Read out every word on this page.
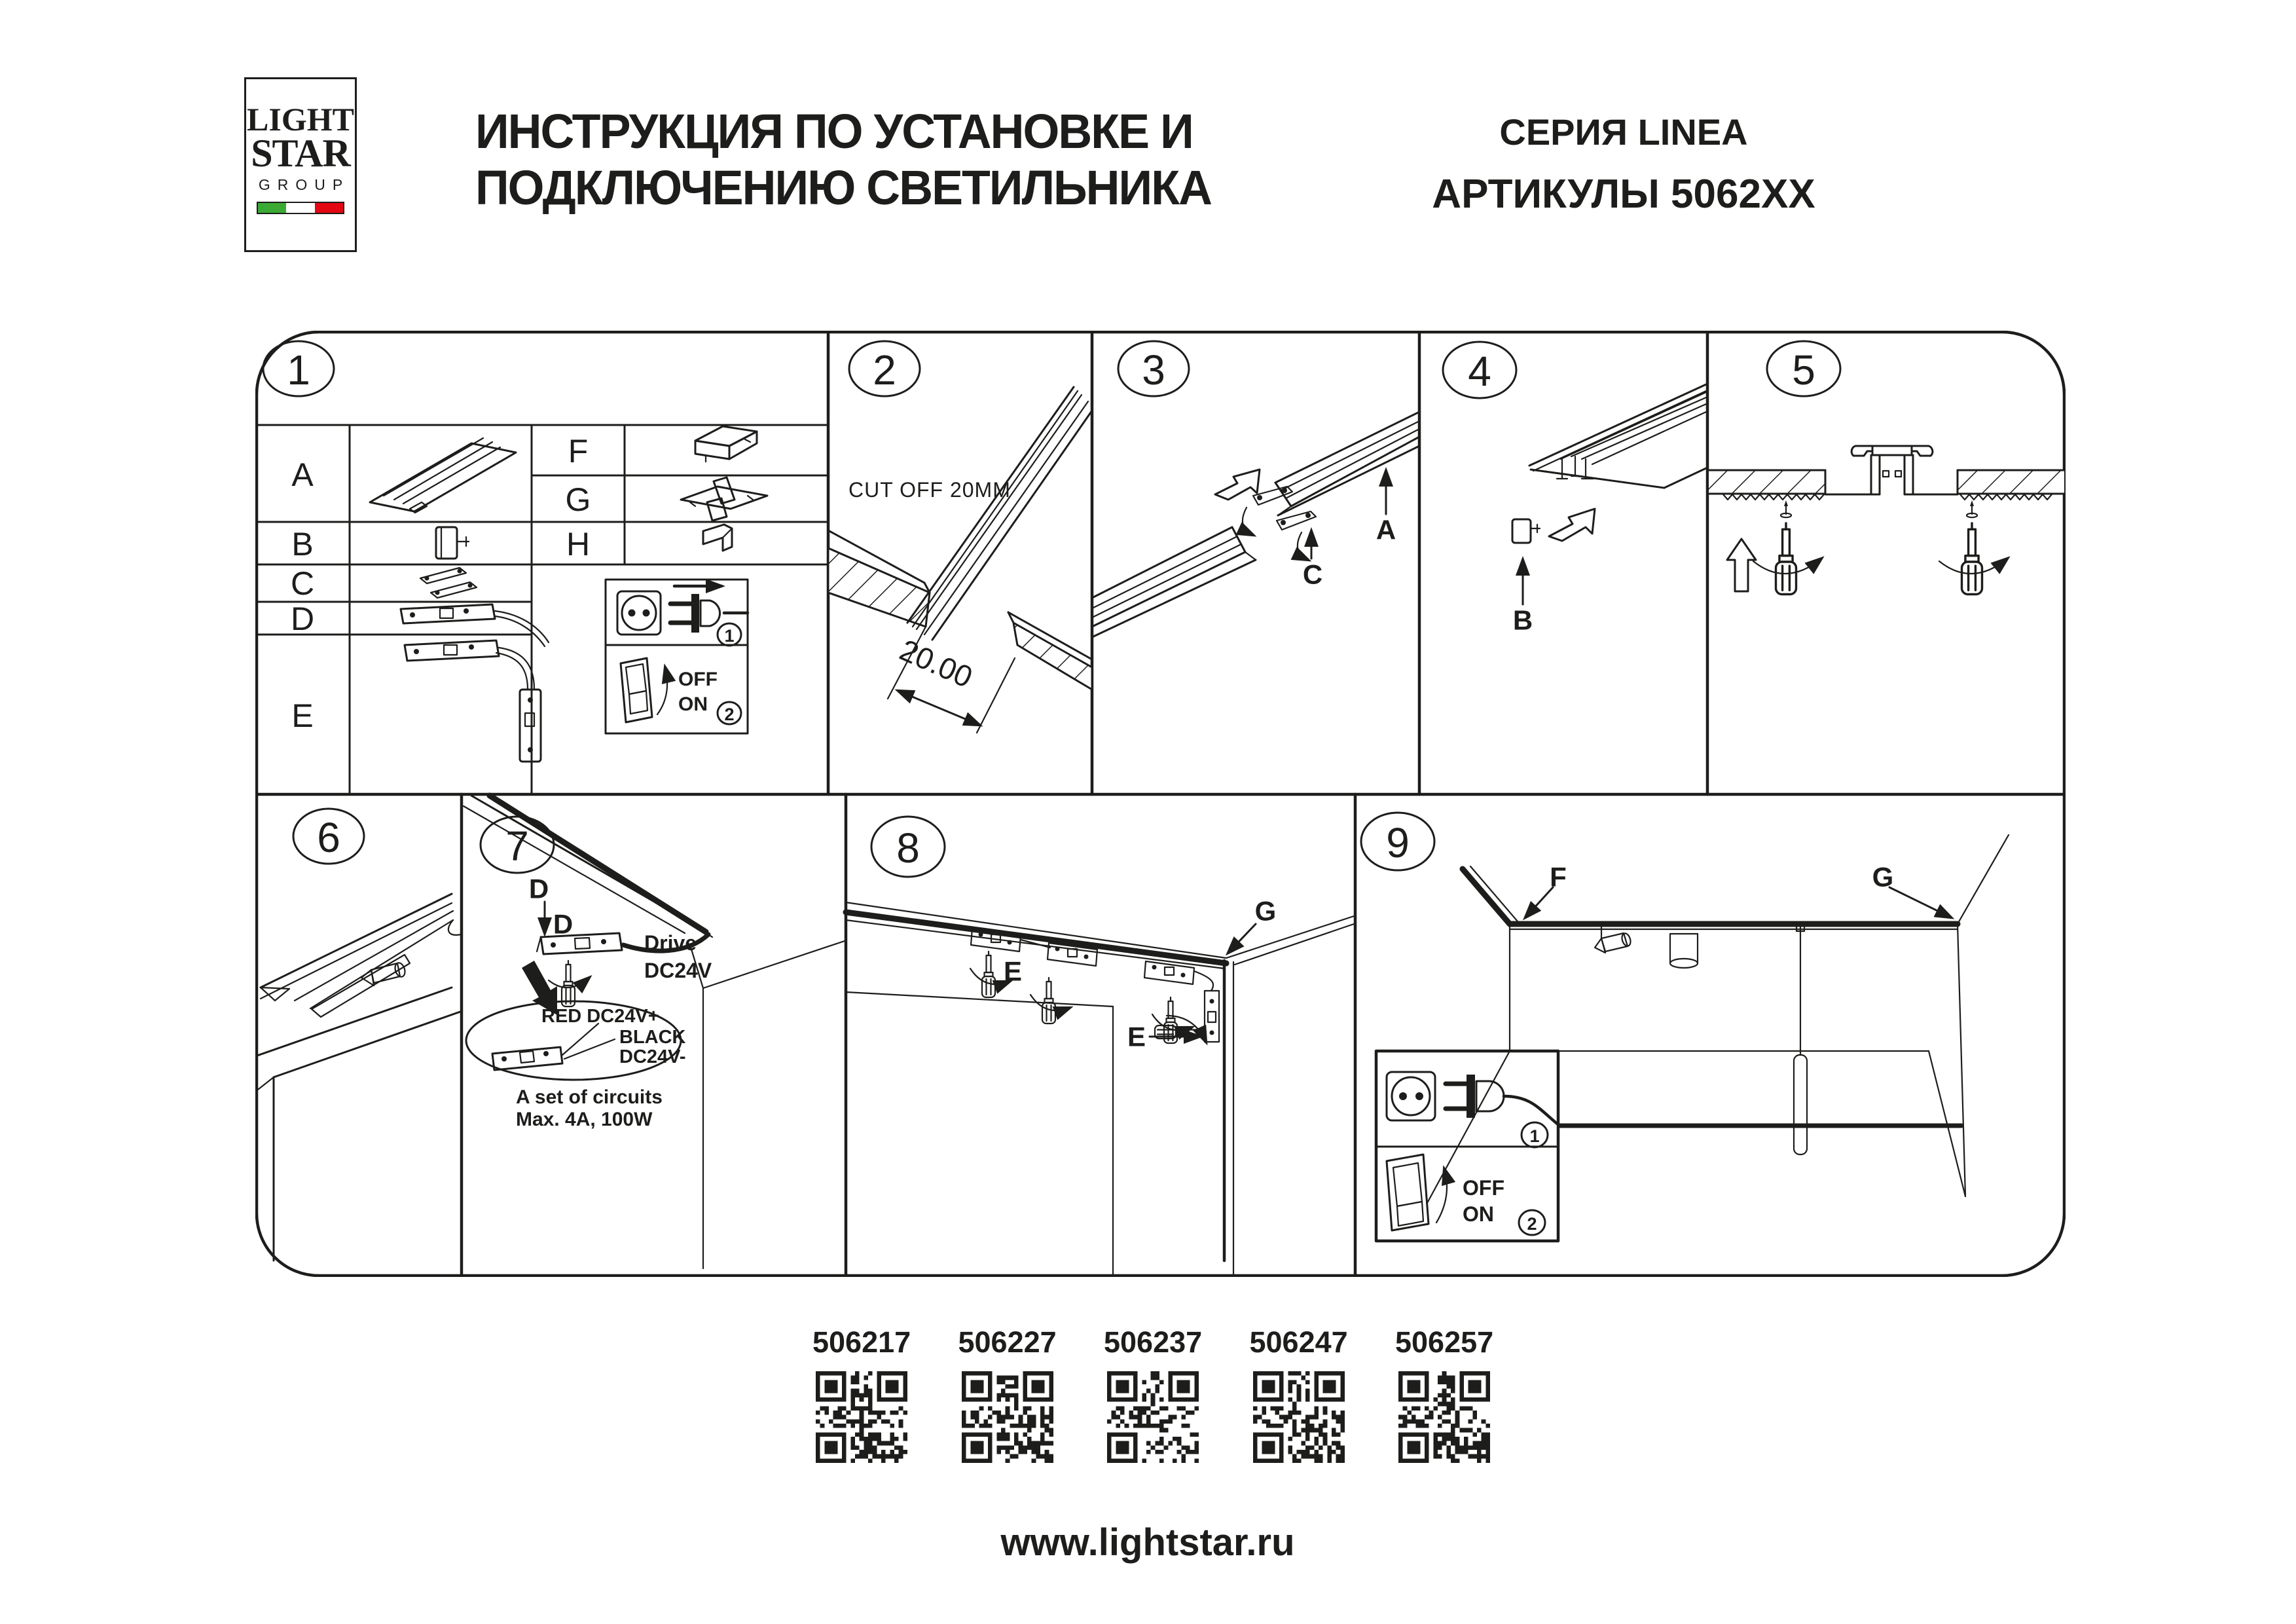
LIGHT
STAR
GROUP
ИНСТРУКЦИЯ ПО УСТАНОВКЕ И
ПОДКЛЮЧЕНИЮ СВЕТИЛЬНИКА
СЕРИЯ LINEA
АРТИКУЛЫ 5062XX
1
A
B
C
D
E
F
G
H
1
OFF
ON 2
2
CUT OFF 20MM
20.00
3
C
A
4
B
5
6	7
D
D
Drive
DC24V
RED DC24V+
BLACK
DC24V-
A set of circuits
Max. 4A, 100W
8
E
E
G
9
F	G
1
OFF
ON 2
506217 506227 506237 506247 506257
www.lightstar.ru
